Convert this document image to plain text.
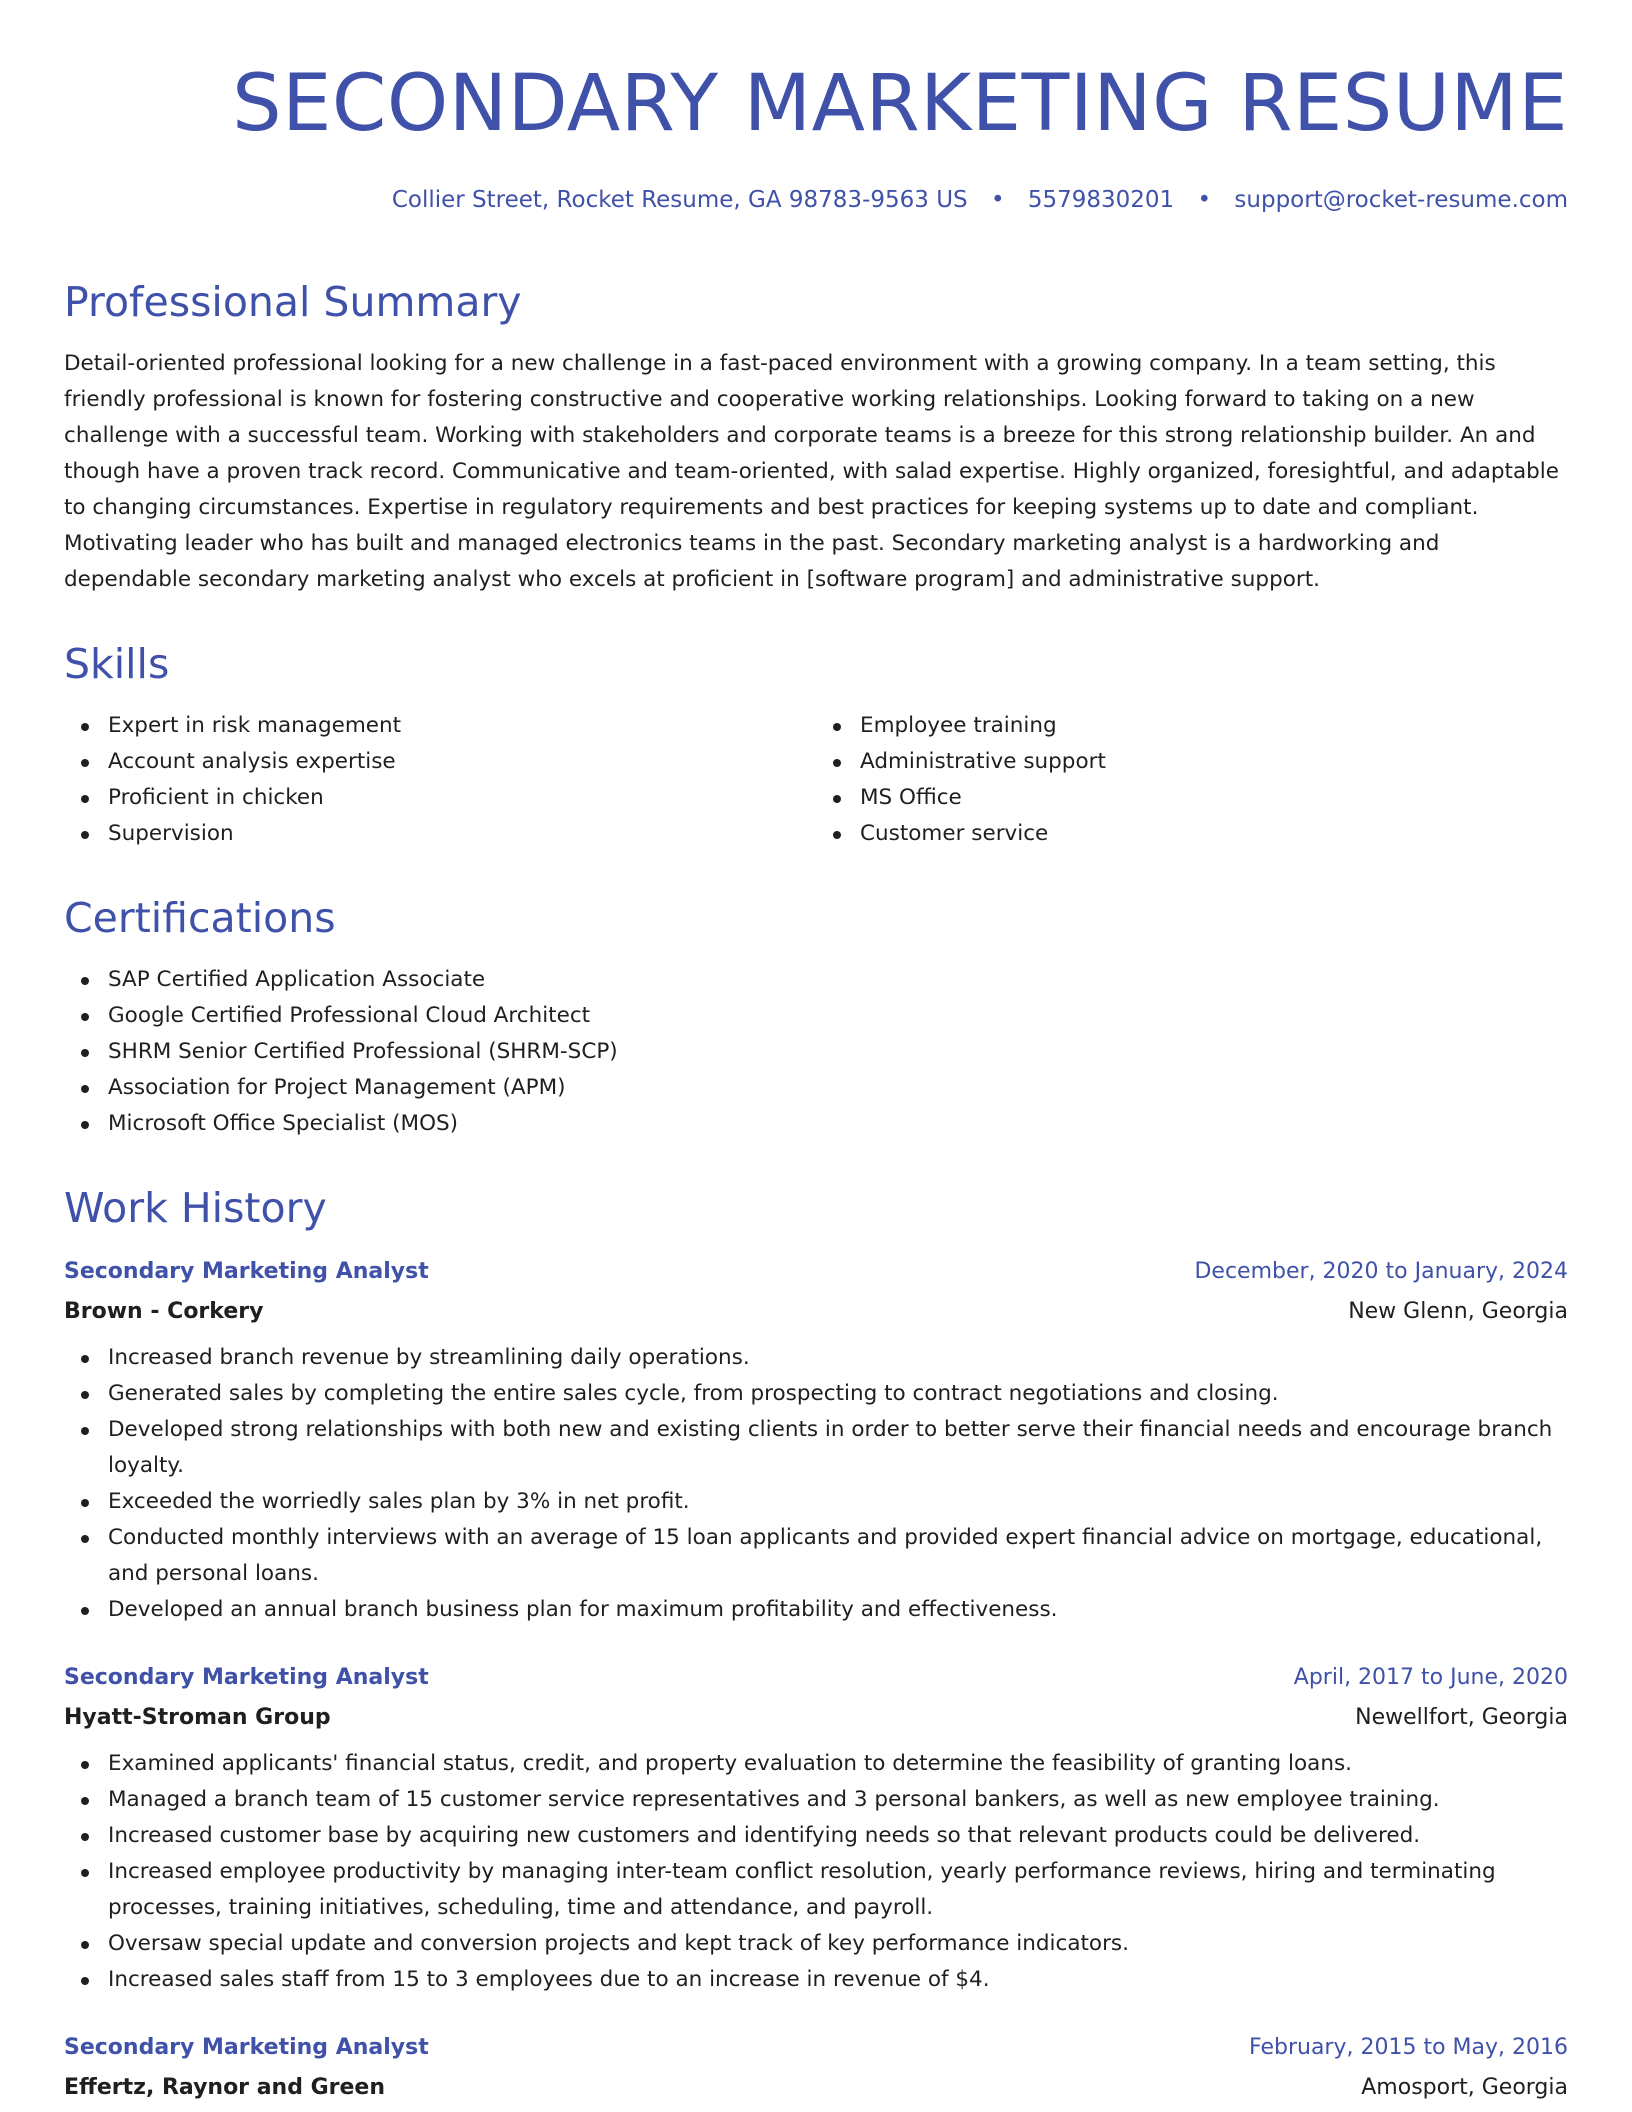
SECONDARY MARKETING RESUME
Collier Street, Rocket Resume, GA 98783-9563 US • 5579830201 • support@rocket-resume.com
Professional Summary

Detail-oriented professional looking for a new challenge in a fast-paced environment with a growing company. In a team setting, this friendly professional is known for fostering constructive and cooperative working relationships. Looking forward to taking on a new challenge with a successful team. Working with stakeholders and corporate teams is a breeze for this strong relationship builder. An and though have a proven track record. Communicative and team-oriented, with salad expertise. Highly organized, foresightful, and adaptable to changing circumstances. Expertise in regulatory requirements and best practices for keeping systems up to date and compliant. Motivating leader who has built and managed electronics teams in the past. Secondary marketing analyst is a hardworking and dependable secondary marketing analyst who excels at proficient in [software program] and administrative support.

Skills
Expert in risk management
Account analysis expertise
Proficient in chicken
Supervision
Employee training
Administrative support
MS Office
Customer service
Certifications
SAP Certified Application Associate
Google Certified Professional Cloud Architect
SHRM Senior Certified Professional (SHRM-SCP)
Association for Project Management (APM)
Microsoft Office Specialist (MOS)
Work History
Secondary Marketing Analyst	December, 2020 to January, 2024
Brown - Corkery	New Glenn, Georgia
Increased branch revenue by streamlining daily operations.
Generated sales by completing the entire sales cycle, from prospecting to contract negotiations and closing.
Developed strong relationships with both new and existing clients in order to better serve their financial needs and encourage branch loyalty.
Exceeded the worriedly sales plan by 3% in net profit.
Conducted monthly interviews with an average of 15 loan applicants and provided expert financial advice on mortgage, educational, and personal loans.
Developed an annual branch business plan for maximum profitability and effectiveness.
Secondary Marketing Analyst	April, 2017 to June, 2020
Hyatt-Stroman Group	Newellfort, Georgia
Examined applicants' financial status, credit, and property evaluation to determine the feasibility of granting loans.
Managed a branch team of 15 customer service representatives and 3 personal bankers, as well as new employee training.
Increased customer base by acquiring new customers and identifying needs so that relevant products could be delivered.
Increased employee productivity by managing inter-team conflict resolution, yearly performance reviews, hiring and terminating processes, training initiatives, scheduling, time and attendance, and payroll.
Oversaw special update and conversion projects and kept track of key performance indicators.
Increased sales staff from 15 to 3 employees due to an increase in revenue of $4.
Secondary Marketing Analyst	February, 2015 to May, 2016
Effertz, Raynor and Green	Amosport, Georgia
